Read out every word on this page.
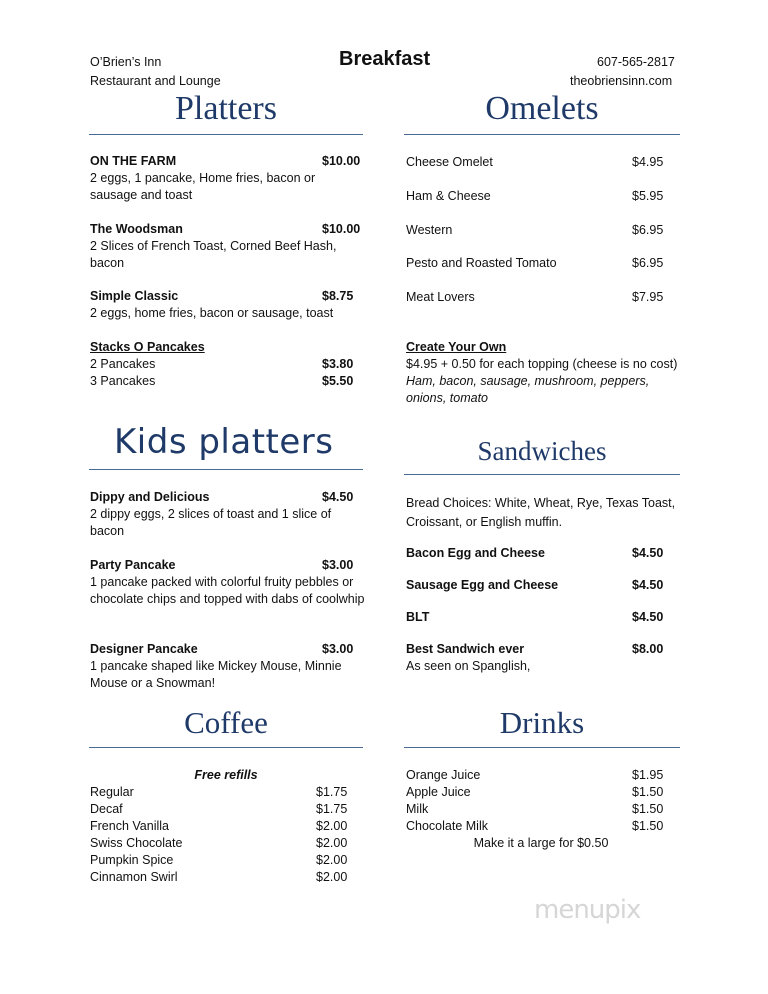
O’Brien’s Inn
Restaurant and Lounge
Breakfast	607-565-2817
theobriensinn.com
Platters
ON THE FARM	$10.00
2 eggs, 1 pancake, Home fries, bacon or sausage and toast
The Woodsman	$10.00
2 Slices of French Toast, Corned Beef Hash, bacon
Simple Classic	$8.75
2 eggs, home fries, bacon or sausage, toast
Stacks O Pancakes
2 Pancakes	$3.80
3 Pancakes	$5.50
Omelets
Cheese Omelet	$4.95
Ham & Cheese	$5.95
Western	$6.95
Pesto and Roasted Tomato	$6.95
Meat Lovers	$7.95
Create Your Own
$4.95 + 0.50 for each topping (cheese is no cost)
Ham, bacon, sausage, mushroom, peppers, onions, tomato
Kids platters
Dippy and Delicious	$4.50
2 dippy eggs, 2 slices of toast and 1 slice of bacon
Party Pancake	$3.00
1 pancake packed with colorful fruity pebbles or chocolate chips and topped with dabs of coolwhip
Designer Pancake	$3.00
1 pancake shaped like Mickey Mouse, Minnie Mouse or a Snowman!
Sandwiches
Bread Choices: White, Wheat, Rye, Texas Toast, Croissant, or English muffin.
Bacon Egg and Cheese	$4.50
Sausage Egg and Cheese	$4.50
BLT	$4.50
Best Sandwich ever	$8.00
As seen on Spanglish,
Coffee
Free refills
Regular	$1.75
Decaf	$1.75
French Vanilla	$2.00
Swiss Chocolate	$2.00
Pumpkin Spice	$2.00
Cinnamon Swirl	$2.00
Drinks
Orange Juice	$1.95
Apple Juice	$1.50
Milk	$1.50
Chocolate Milk	$1.50
Make it a large for $0.50
menupix
